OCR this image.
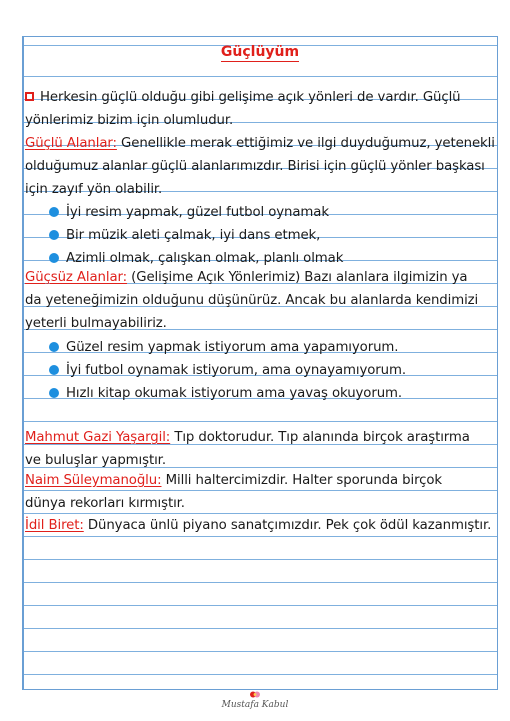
Güçlüyüm
Herkesin güçlü olduğu gibi gelişime açık yönleri de vardır. Güçlü
yönlerimiz bizim için olumludur.
Güçlü Alanlar: Genellikle merak ettiğimiz ve ilgi duyduğumuz, yetenekli
olduğumuz alanlar güçlü alanlarımızdır. Birisi için güçlü yönler başkası
için zayıf yön olabilir.
İyi resim yapmak, güzel futbol oynamak
Bir müzik aleti çalmak, iyi dans etmek,
Azimli olmak, çalışkan olmak, planlı olmak
Güçsüz Alanlar: (Gelişime Açık Yönlerimiz) Bazı alanlara ilgimizin ya
da yeteneğimizin olduğunu düşünürüz. Ancak bu alanlarda kendimizi
yeterli bulmayabiliriz.
Güzel resim yapmak istiyorum ama yapamıyorum.
İyi futbol oynamak istiyorum, ama oynayamıyorum.
Hızlı kitap okumak istiyorum ama yavaş okuyorum.
Mahmut Gazi Yaşargil: Tıp doktorudur. Tıp alanında birçok araştırma
ve buluşlar yapmıştır.
Naim Süleymanoğlu: Milli haltercimizdir. Halter sporunda birçok
dünya rekorları kırmıştır.
İdil Biret: Dünyaca ünlü piyano sanatçımızdır. Pek çok ödül kazanmıştır.
Mustafa Kabul
